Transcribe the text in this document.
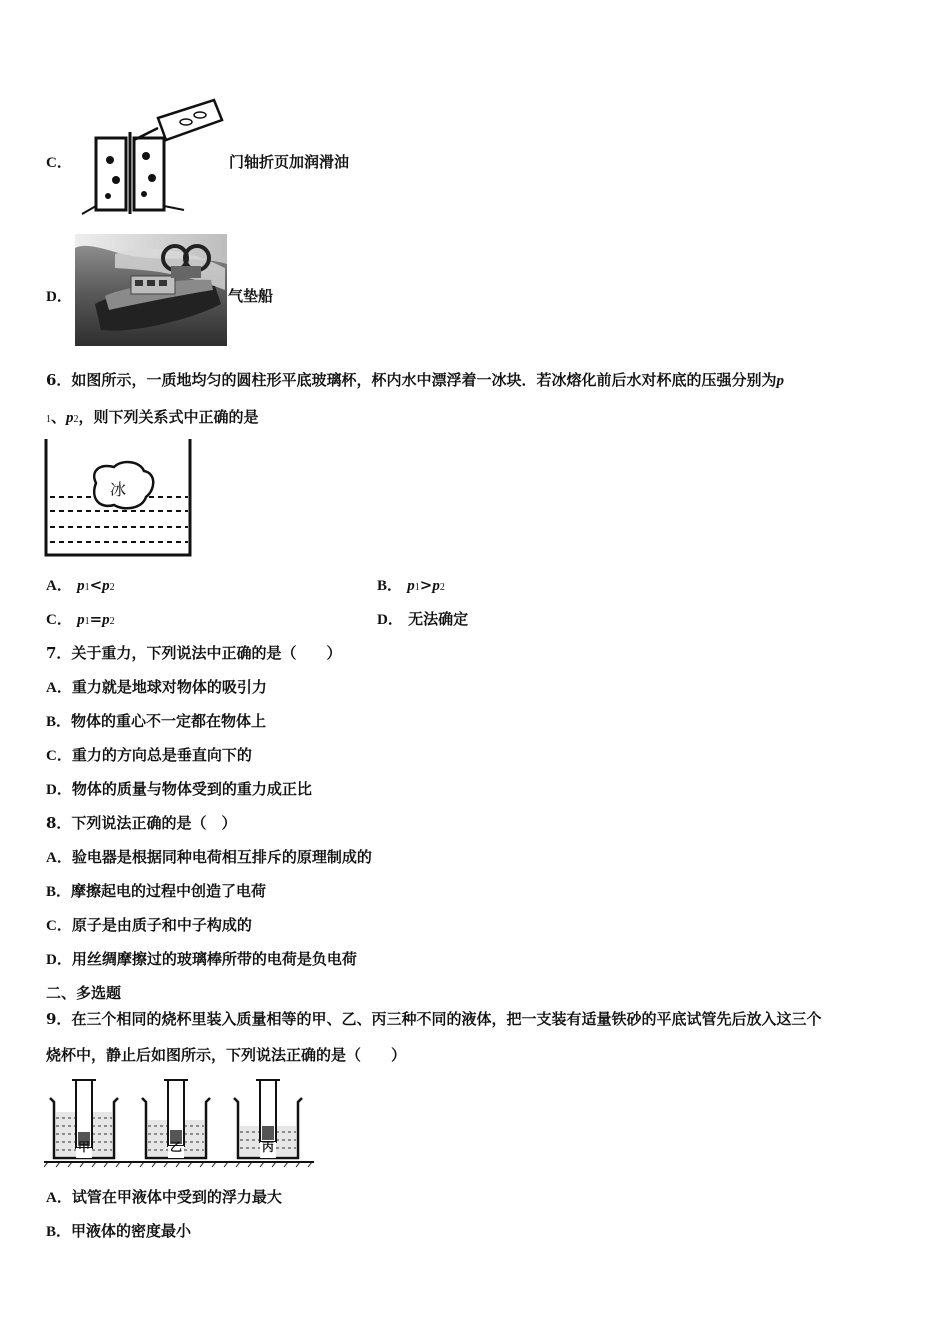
C．	门轴折页加润滑油
D．	气垫船
6．如图所示，一质地均匀的圆柱形平底玻璃杯，杯内水中漂浮着一冰块．若冰熔化前后水对杯底的压强分别为p
1、p2，则下列关系式中正确的是
冰
A． p1<p2	B． p1>p2
C． p1=p2	D． 无法确定
7．关于重力，下列说法中正确的是（　　）
A．重力就是地球对物体的吸引力
B．物体的重心不一定都在物体上
C．重力的方向总是垂直向下的
D．物体的质量与物体受到的重力成正比
8．下列说法正确的是（　）
A．验电器是根据同种电荷相互排斥的原理制成的
B．摩擦起电的过程中创造了电荷
C．原子是由质子和中子构成的
D．用丝绸摩擦过的玻璃棒所带的电荷是负电荷
二、多选题
9．在三个相同的烧杯里装入质量相等的甲、乙、丙三种不同的液体，把一支装有适量铁砂的平底试管先后放入这三个
烧杯中，静止后如图所示，下列说法正确的是（　　）
甲	乙	丙
A．试管在甲液体中受到的浮力最大
B．甲液体的密度最小
